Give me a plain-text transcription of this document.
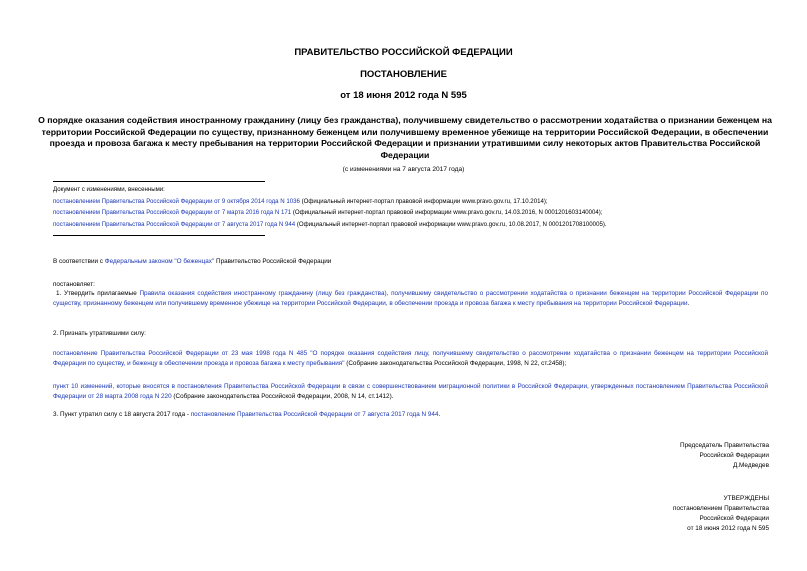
ПРАВИТЕЛЬСТВО РОССИЙСКОЙ ФЕДЕРАЦИИ
ПОСТАНОВЛЕНИЕ
от 18 июня 2012 года N 595
О порядке оказания содействия иностранному гражданину (лицу без гражданства), получившему свидетельство о рассмотрении ходатайства о признании беженцем на территории Российской Федерации по существу, признанному беженцем или получившему временное убежище на территории Российской Федерации, в обеспечении проезда и провоза багажа к месту пребывания на территории Российской Федерации и признании утратившими силу некоторых актов Правительства Российской Федерации
(с изменениями на 7 августа 2017 года)
Документ с изменениями, внесенными:
постановлением Правительства Российской Федерации от 9 октября 2014 года N 1036 (Официальный интернет-портал правовой информации www.pravo.gov.ru, 17.10.2014);
постановлением Правительства Российской Федерации от 7 марта 2016 года N 171 (Официальный интернет-портал правовой информации www.pravo.gov.ru, 14.03.2016, N 0001201603140004);
постановлением Правительства Российской Федерации от 7 августа 2017 года N 944 (Официальный интернет-портал правовой информации www.pravo.gov.ru, 10.08.2017, N 0001201708100005).
В соответствии с Федеральным законом "О беженцах" Правительство Российской Федерации
постановляет:
1. Утвердить прилагаемые Правила оказания содействия иностранному гражданину (лицу без гражданства), получившему свидетельство о рассмотрении ходатайства о признании беженцем на территории Российской Федерации по существу, признанному беженцем или получившему временное убежище на территории Российской Федерации, в обеспечении проезда и провоза багажа к месту пребывания на территории Российской Федерации.
2. Признать утратившими силу:
постановление Правительства Российской Федерации от 23 мая 1998 года N 485 "О порядке оказания содействия лицу, получившему свидетельство о рассмотрении ходатайства о признании беженцем на территории Российской Федерации по существу, и беженцу в обеспечении проезда и провоза багажа к месту пребывания" (Собрание законодательства Российской Федерации, 1998, N 22, ст.2458);
пункт 10 изменений, которые вносятся в постановления Правительства Российской Федерации в связи с совершенствованием миграционной политики в Российской Федерации, утвержденных постановлением Правительства Российской Федерации от 28 марта 2008 года N 220 (Собрание законодательства Российской Федерации, 2008, N 14, ст.1412).
3. Пункт утратил силу с 18 августа 2017 года - постановление Правительства Российской Федерации от 7 августа 2017 года N 944.
Председатель Правительства
Российской Федерации
Д.Медведев
УТВЕРЖДЕНЫ
постановлением Правительства
Российской Федерации
от 18 июня 2012 года N 595
